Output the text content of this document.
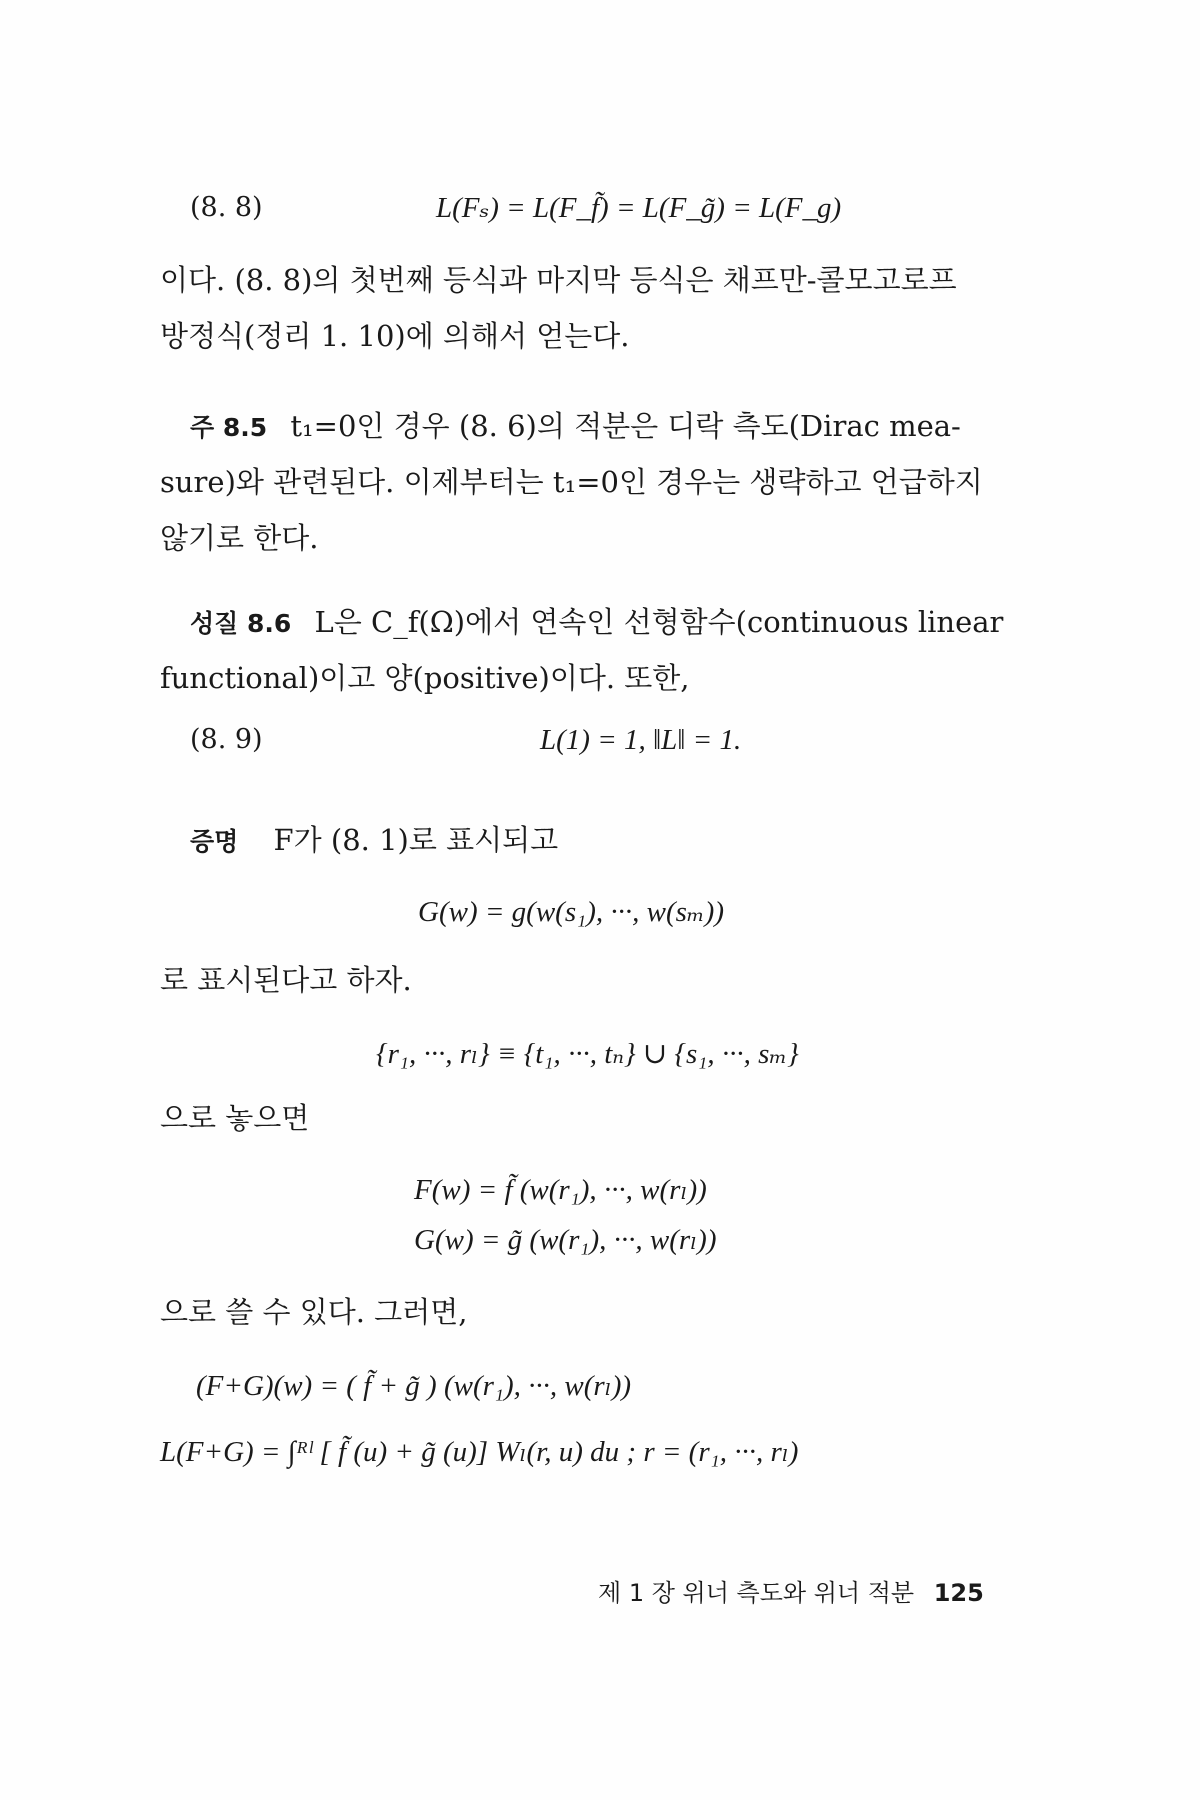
(8. 8)	L(Fₛ) = L(F_f̃) = L(F_g̃) = L(F_g)
이다. (8. 8)의 첫번째 등식과 마지막 등식은 채프만-콜모고로프
방정식(정리 1. 10)에 의해서 얻는다.
주 8.5 t₁=0인 경우 (8. 6)의 적분은 디락 측도(Dirac mea-
sure)와 관련된다. 이제부터는 t₁=0인 경우는 생략하고 언급하지
않기로 한다.
성질 8.6 L은 C_f(Ω)에서 연속인 선형함수(continuous linear
functional)이고 양(positive)이다. 또한,
(8. 9)	L(1) = 1, ‖L‖ = 1.
증명 F가 (8. 1)로 표시되고
G(w) = g(w(s₁), ···, w(sₘ))
로 표시된다고 하자.
{r₁, ···, rₗ} ≡ {t₁, ···, tₙ} ∪ {s₁, ···, sₘ}
으로 놓으면
F(w) = f̃ (w(r₁), ···, w(rₗ))
G(w) = g̃ (w(r₁), ···, w(rₗ))
으로 쓸 수 있다. 그러면,
(F+G)(w) = ( f̃ + g̃ ) (w(r₁), ···, w(rₗ))
L(F+G) = ∫ᴿˡ [ f̃ (u) + g̃ (u)] Wₗ(r, u) du ; r = (r₁, ···, rₗ)
제 1 장 위너 측도와 위너 적분 125
